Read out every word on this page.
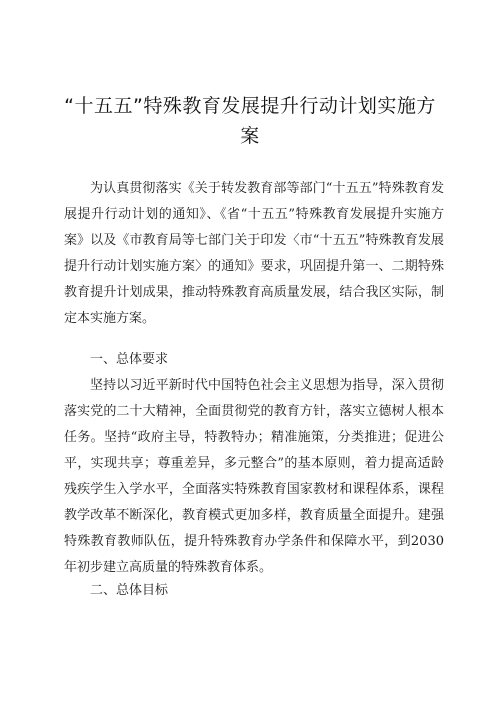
“十五五”特殊教育发展提升行动计划实施方
案
为认真贯彻落实《关于转发教育部等部门“十五五”特殊教育发展提升行动计划的通知》、《省“十五五”特殊教育发展提升实施方案》以及《市教育局等七部门关于印发〈市“十五五”特殊教育发展提升行动计划实施方案〉的通知》要求，巩固提升第一、二期特殊教育提升计划成果，推动特殊教育高质量发展，结合我区实际，制定本实施方案。
一、总体要求
坚持以习近平新时代中国特色社会主义思想为指导，深入贯彻落实党的二十大精神，全面贯彻党的教育方针，落实立德树人根本任务。坚持“政府主导，特教特办；精准施策，分类推进；促进公平，实现共享；尊重差异，多元整合”的基本原则，着力提高适龄残疾学生入学水平，全面落实特殊教育国家教材和课程体系，课程教学改革不断深化，教育模式更加多样，教育质量全面提升。建强特殊教育教师队伍，提升特殊教育办学条件和保障水平，到2030年初步建立高质量的特殊教育体系。
二、总体目标
